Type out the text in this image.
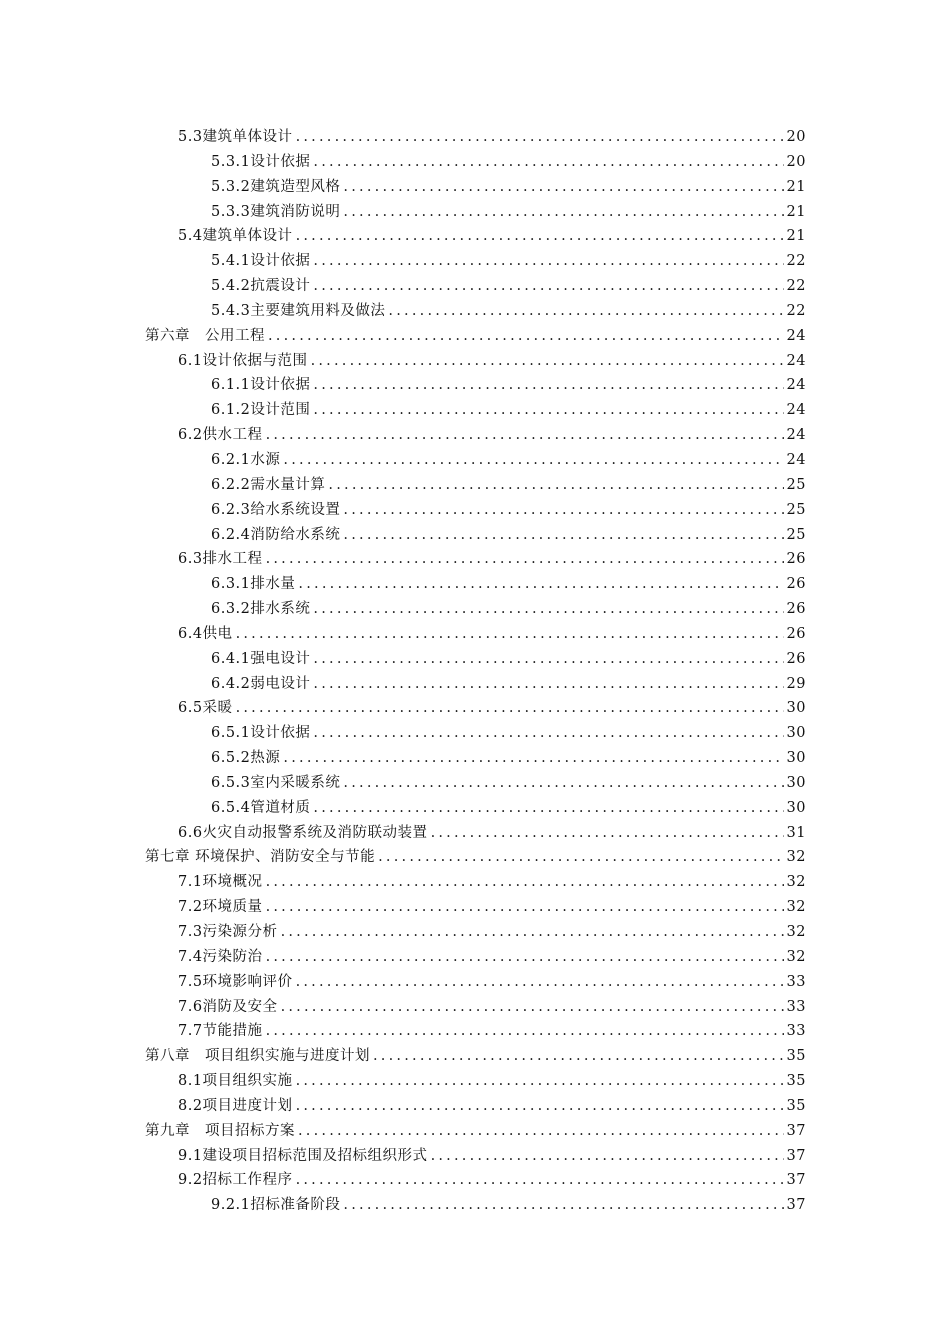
5.3建筑单体设计 .....	20
5.3.1设计依据 .....	20
5.3.2建筑造型风格 .....	21
5.3.3建筑消防说明 .....	21
5.4建筑单体设计 .....	21
5.4.1设计依据 .....	22
5.4.2抗震设计 .....	22
5.4.3主要建筑用料及做法 .....	22
第六章　公用工程 .....	24
6.1设计依据与范围 .....	24
6.1.1设计依据 .....	24
6.1.2设计范围 .....	24
6.2供水工程 .....	24
6.2.1水源 .....	24
6.2.2需水量计算 .....	25
6.2.3给水系统设置 .....	25
6.2.4消防给水系统 .....	25
6.3排水工程 .....	26
6.3.1排水量 .....	26
6.3.2排水系统 .....	26
6.4供电 .....	26
6.4.1强电设计 .....	26
6.4.2弱电设计 .....	29
6.5采暖 .....	30
6.5.1设计依据 .....	30
6.5.2热源 .....	30
6.5.3室内采暖系统 .....	30
6.5.4管道材质 .....	30
6.6火灾自动报警系统及消防联动装置 .....	31
第七章 环境保护、消防安全与节能 .....	32
7.1环境概况 .....	32
7.2环境质量 .....	32
7.3污染源分析 .....	32
7.4污染防治 .....	32
7.5环境影响评价 .....	33
7.6消防及安全 .....	33
7.7节能措施 .....	33
第八章　项目组织实施与进度计划 .....	35
8.1项目组织实施 .....	35
8.2项目进度计划 .....	35
第九章　项目招标方案 .....	37
9.1建设项目招标范围及招标组织形式 .....	37
9.2招标工作程序 .....	37
9.2.1招标准备阶段 .....	37
